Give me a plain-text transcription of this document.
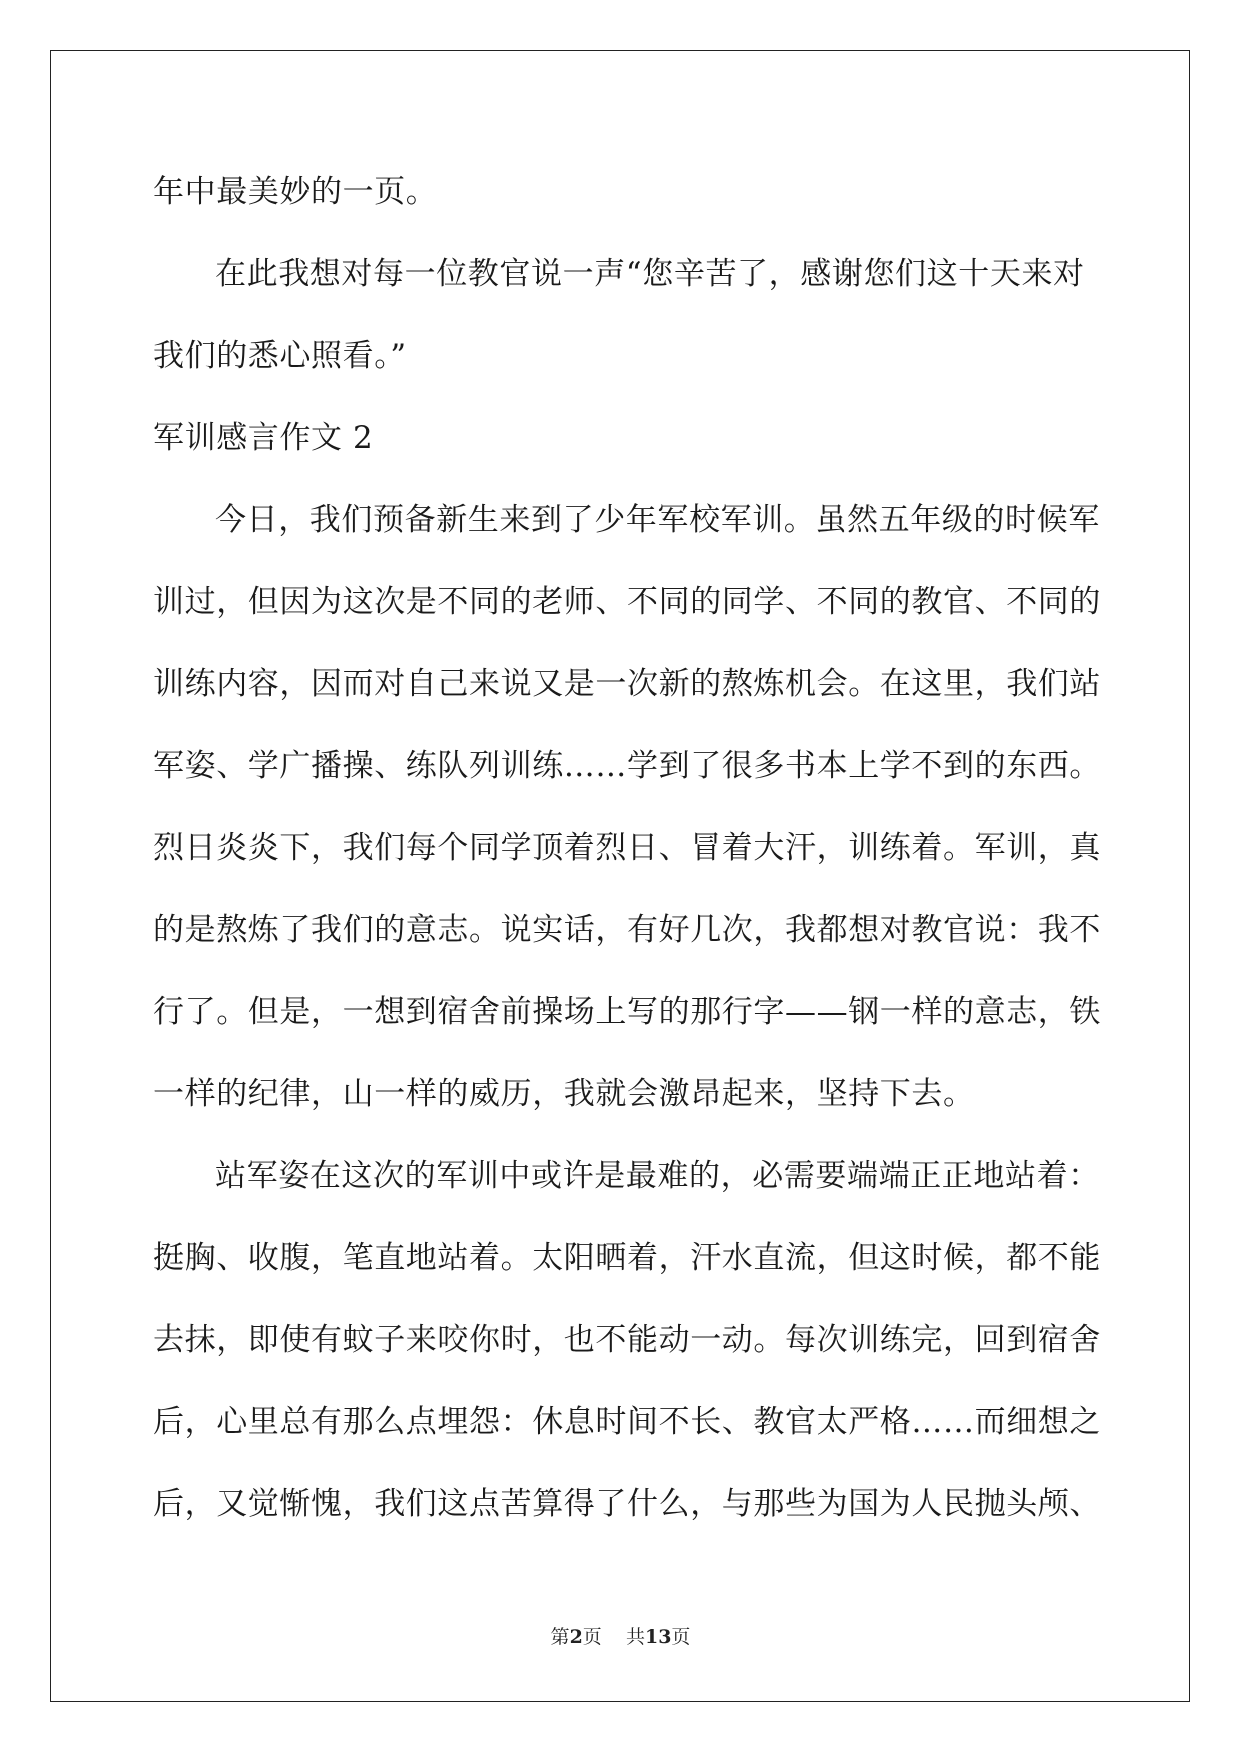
年中最美妙的一页。
在此我想对每一位教官说一声“您辛苦了，感谢您们这十天来对
我们的悉心照看。”
军训感言作文 2
今日，我们预备新生来到了少年军校军训。虽然五年级的时候军
训过，但因为这次是不同的老师、不同的同学、不同的教官、不同的
训练内容，因而对自己来说又是一次新的熬炼机会。在这里，我们站
军姿、学广播操、练队列训练……学到了很多书本上学不到的东西。
烈日炎炎下，我们每个同学顶着烈日、冒着大汗，训练着。军训，真
的是熬炼了我们的意志。说实话，有好几次，我都想对教官说：我不
行了。但是，一想到宿舍前操场上写的那行字——钢一样的意志，铁
一样的纪律，山一样的威历，我就会激昂起来，坚持下去。
站军姿在这次的军训中或许是最难的，必需要端端正正地站着：
挺胸、收腹，笔直地站着。太阳晒着，汗水直流，但这时候，都不能
去抹，即使有蚊子来咬你时，也不能动一动。每次训练完，回到宿舍
后，心里总有那么点埋怨：休息时间不长、教官太严格……而细想之
后，又觉惭愧，我们这点苦算得了什么，与那些为国为人民抛头颅、
第2页    共13页
